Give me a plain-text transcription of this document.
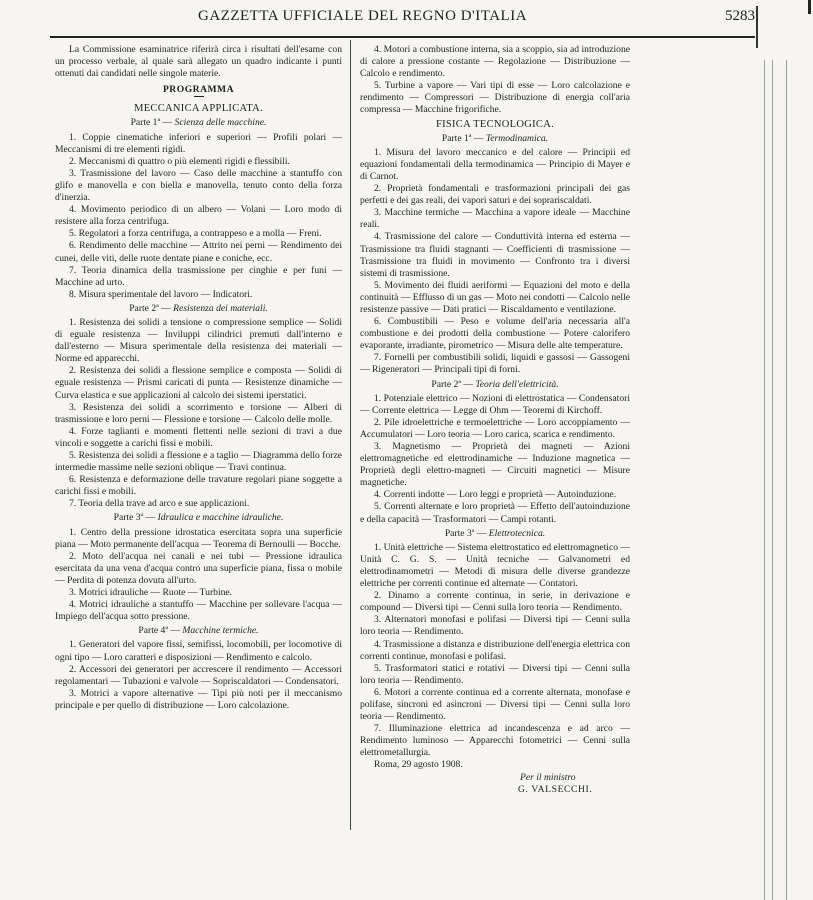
GAZZETTA UFFICIALE DEL REGNO D'ITALIA	5283

La Commissione esaminatrice riferirà circa i risultati dell'esame con un processo verbale, al quale sarà allegato un quadro indicante i punti ottenuti dai candidati nelle singole materie.

PROGRAMMA

MECCANICA APPLICATA.

Parte 1ª — Scienza delle macchine.

1. Coppie cinematiche inferiori e superiori — Profili polari — Meccanismi di tre elementi rigidi.

2. Meccanismi di quattro o più elementi rigidi e flessibili.

3. Trasmissione del lavoro — Caso delle macchine a stantuffo con glifo e manovella e con biella e manovella, tenuto conto della forza d'inerzia.

4. Movimento periodico di un albero — Volani — Loro modo di resistere alla forza centrifuga.

5. Regolatori a forza centrifuga, a contrappeso e a molla — Freni.

6. Rendimento delle macchine — Attrito nei perni — Rendimento dei cunei, delle viti, delle ruote dentate piane e coniche, ecc.

7. Teoria dinamica della trasmissione per cinghie e per funi — Macchine ad urto.

8. Misura sperimentale del lavoro — Indicatori.

Parte 2ª — Resistenza dei materiali.

1. Resistenza dei solidi a tensione o compressione semplice — Solidi di eguale resistenza — Inviluppi cilindrici premuti dall'interno e dall'esterno — Misura sperimentale della resistenza dei materiali — Norme ed apparecchi.

2. Resistenza dei solidi a flessione semplice e composta — Solidi di eguale resistenza — Prismi caricati di punta — Resistenze dinamiche — Curva elastica e sue applicazioni al calcolo dei sistemi iperstatici.

3. Resistenza dei solidi a scorrimento e torsione — Alberi di trasmissione e loro perni — Flessione e torsione — Calcolo delle molle.

4. Forze taglianti e momenti flettenti nelle sezioni di travi a due vincoli e soggette a carichi fissi e mobili.

5. Resistenza dei solidi a flessione e a taglio — Diagramma dello forze intermedie massime nelle sezioni oblique — Travi continua.

6. Resistenza e deformazione delle travature regolari piane soggette a carichi fissi e mobili.

7. Teoria della trave ad arco e sue applicazioni.

Parte 3ª — Idraulica e macchine idrauliche.

1. Centro della pressione idrostatica esercitata sopra una superficie piana — Moto permanente dell'acqua — Teorema di Bernoulli — Bocche.

2. Moto dell'acqua nei canali e nei tubi — Pressione idraulica esercitata da una vena d'acqua contro una superficie piana, fissa o mobile — Perdita di potenza dovuta all'urto.

3. Motrici idrauliche — Ruote — Turbine.

4. Motrici idrauliche a stantuffo — Macchine per sollevare l'acqua — Impiego dell'acqua sotto pressione.

Parte 4ª — Macchine termiche.

1. Generatori del vapore fissi, semifissi, locomobili, per locomotive di ogni tipo — Loro caratteri e disposizioni — Rendimento e calcolo.

2. Accessori dei generatori per accrescere il rendimento — Accessori regolamentari — Tubazioni e valvole — Sopriscaldatori — Condensatori.

3. Motrici a vapore alternative — Tipi più noti per il meccanismo principale e per quello di distribuzione — Loro calcolazione.

4. Motori a combustione interna, sia a scoppio, sia ad introduzione di calore a pressione costante — Regolazione — Distribuzione — Calcolo e rendimento.

5. Turbine a vapore — Vari tipi di esse — Loro calcolazione e rendimento — Compressori — Distribuzione di energia coll'aria compressa — Macchine frigorifiche.

FISICA TECNOLOGICA.

Parte 1ª — Termodinamica.

1. Misura del lavoro meccanico e del calore — Principii ed equazioni fondamentali della termodinamica — Principio di Mayer e di Carnot.

2. Proprietà fondamentali e trasformazioni principali dei gas perfetti e dei gas reali, dei vapori saturi e dei soprariscaldati.

3. Macchine termiche — Macchina a vapore ideale — Macchine reali.

4. Trasmissione del calore — Conduttività interna ed esterna — Trasmissione tra fluidi stagnanti — Coefficienti di trasmissione — Trasmissione tra fluidi in movimento — Confronto tra i diversi sistemi di trasmissione.

5. Movimento dei fluidi aeriformi — Equazioni del moto e della continuità — Efflusso di un gas — Moto nei condotti — Calcolo nelle resistenze passive — Dati pratici — Riscaldamento e ventilazione.

6. Combustibili — Peso e volume dell'aria necessaria all'a combustione e dei prodotti della combustione — Potere calorifero evaporante, irradiante, pirometrico — Misura delle alte temperature.

7. Fornelli per combustibili solidi, liquidi e gassosi — Gassogeni — Rigeneratori — Principali tipi di forni.

Parte 2ª — Teoria dell'elettricità.

1. Potenziale elettrico — Nozioni di elettrostatica — Condensatori — Corrente elettrica — Legge di Ohm — Teoremi di Kirchoff.

2. Pile idroelettriche e termoelettriche — Loro accoppiamento — Accumulatori — Loro teoria — Loro carica, scarica e rendimento.

3. Magnetismo — Proprietà dei magneti — Azioni elettromagnetiche ed elettrodinamiche — Induzione magnetica — Proprietà degli elettro-magneti — Circuiti magnetici — Misure magnetiche.

4. Correnti indotte — Loro leggi e proprietà — Autoinduzione.

5. Correnti alternate e loro proprietà — Effetto dell'autoinduzione e della capacità — Trasformatori — Campi rotanti.

Parte 3ª — Elettrotecnica.

1. Unità elettriche — Sistema elettrostatico ed elettromagnetico — Unità C. G. S. — Unità tecniche — Galvanometri ed elettrodinamometri — Metodi di misura delle diverse grandezze elettriche per correnti continue ed alternate — Contatori.

2. Dinamo a corrente continua, in serie, in derivazione e compound — Diversi tipi — Cenni sulla loro teoria — Rendimento.

3. Alternatori monofasi e polifasi — Diversi tipi — Cenni sulla loro teoria — Rendimento.

4. Trasmissione a distanza e distribuzione dell'energia elettrica con correnti continue, monofasi e polifasi.

5. Trasformatori statici e rotativi — Diversi tipi — Cenni sulla loro teoria — Rendimento.

6. Motori a corrente continua ed a corrente alternata, monofase e polifase, sincroni ed asincroni — Diversi tipi — Cenni sulla loro teoria — Rendimento.

7. Illuminazione elettrica ad incandescenza e ad arco — Rendimento luminoso — Apparecchi fotometrici — Cenni sulla elettrometallurgia.

Roma, 29 agosto 1908.

Per il ministro
G. VALSECCHI.
